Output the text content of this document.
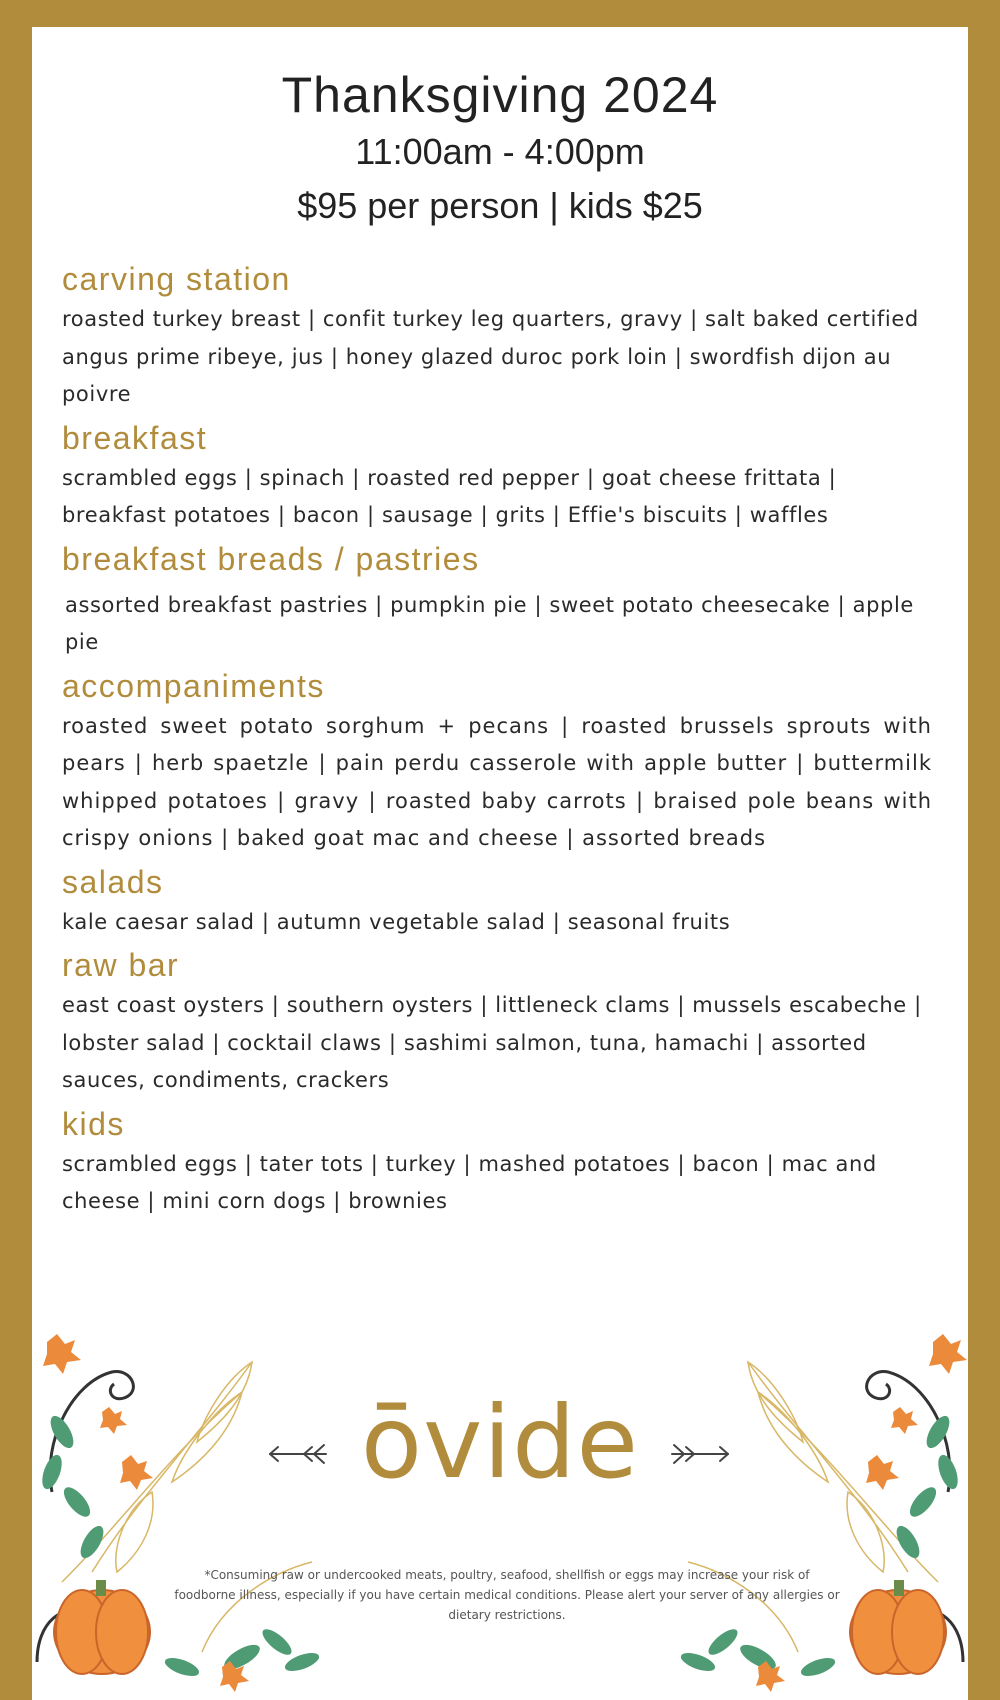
Thanksgiving 2024
11:00am - 4:00pm
$95 per person | kids $25
carving station
roasted turkey breast | confit turkey leg quarters, gravy | salt baked certified angus prime ribeye, jus | honey glazed duroc pork loin | swordfish dijon au poivre
breakfast
scrambled eggs | spinach | roasted red pepper | goat cheese frittata | breakfast potatoes | bacon | sausage | grits | Effie's biscuits | waffles
breakfast breads / pastries
assorted breakfast pastries | pumpkin pie | sweet potato cheesecake | apple pie
accompaniments
roasted sweet potato sorghum + pecans | roasted brussels sprouts with pears | herb spaetzle | pain perdu casserole with apple butter | buttermilk whipped potatoes | gravy | roasted baby carrots | braised pole beans with crispy onions | baked goat mac and cheese | assorted breads
salads
kale caesar salad | autumn vegetable salad | seasonal fruits
raw bar
east coast oysters | southern oysters | littleneck clams | mussels escabeche | lobster salad | cocktail claws | sashimi salmon, tuna, hamachi | assorted sauces, condiments, crackers
kids
scrambled eggs | tater tots | turkey | mashed potatoes | bacon | mac and cheese | mini corn dogs | brownies
ōvide
*Consuming raw or undercooked meats, poultry, seafood, shellfish or eggs may increase your risk of foodborne illness, especially if you have certain medical conditions. Please alert your server of any allergies or dietary restrictions.
